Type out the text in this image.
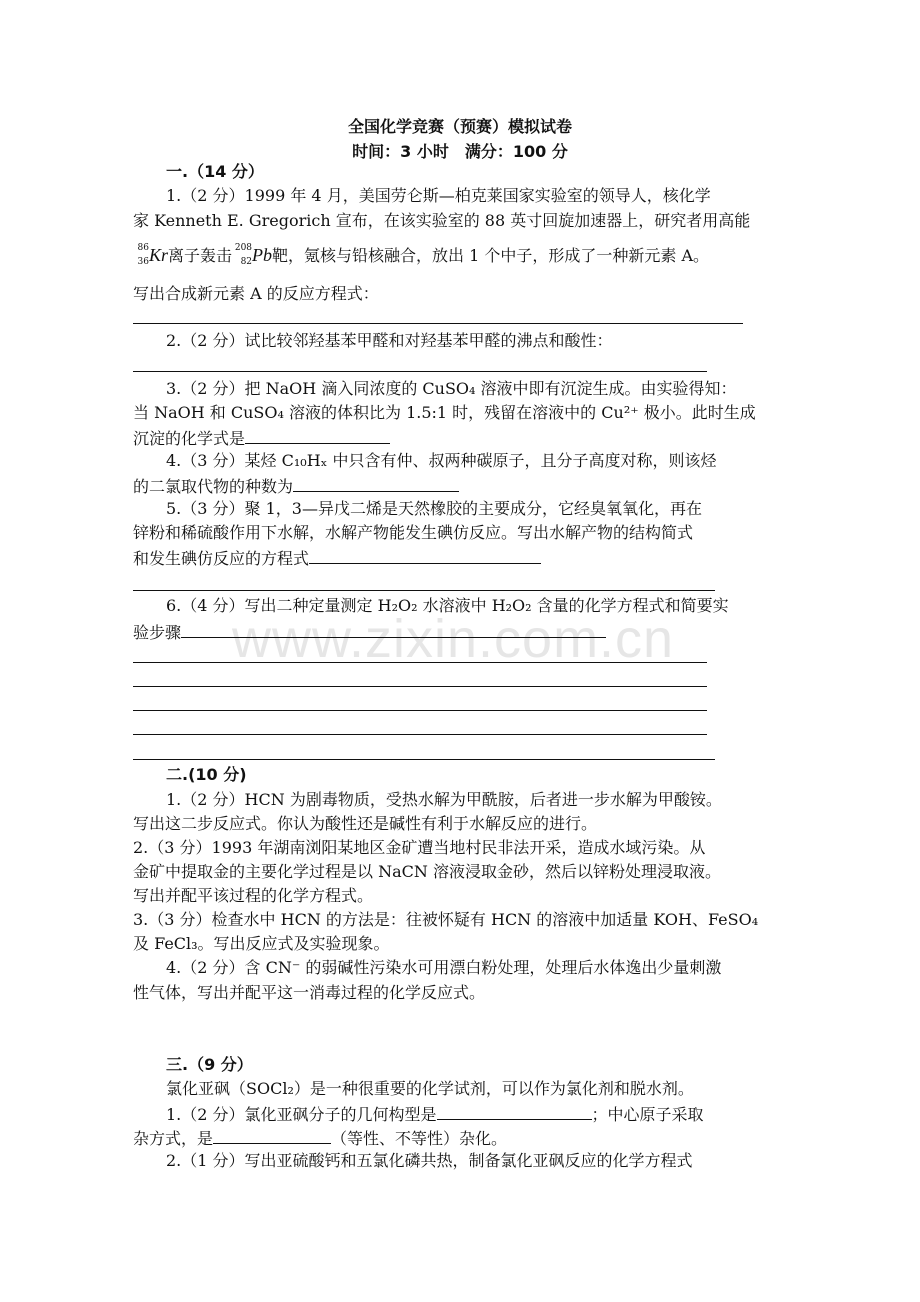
www.zixin.com.cn
全国化学竞赛（预赛）模拟试卷
时间：3 小时　满分：100 分
一.（14 分）
1.（2 分）1999 年 4 月，美国劳仑斯—柏克莱国家实验室的领导人，核化学
家 Kenneth E. Gregorich 宣布，在该实验室的 88 英寸回旋加速器上，研究者用高能
86
36 Kr离子轰击 208
82 Pb靶，氪核与铅核融合，放出 1 个中子，形成了一种新元素 A。
写出合成新元素 A 的反应方程式：
2.（2 分）试比较邻羟基苯甲醛和对羟基苯甲醛的沸点和酸性：
3.（2 分）把 NaOH 滴入同浓度的 CuSO₄ 溶液中即有沉淀生成。由实验得知：
当 NaOH 和 CuSO₄ 溶液的体积比为 1.5:1 时，残留在溶液中的 Cu²⁺ 极小。此时生成
沉淀的化学式是
4.（3 分）某烃 C₁₀Hₓ 中只含有仲、叔两种碳原子，且分子高度对称，则该烃
的二氯取代物的种数为
5.（3 分）聚 1，3—异戊二烯是天然橡胶的主要成分，它经臭氧氧化，再在
锌粉和稀硫酸作用下水解，水解产物能发生碘仿反应。写出水解产物的结构简式
和发生碘仿反应的方程式
6.（4 分）写出二种定量测定 H₂O₂ 水溶液中 H₂O₂ 含量的化学方程式和简要实
验步骤
二.(10 分)
1.（2 分）HCN 为剧毒物质，受热水解为甲酰胺，后者进一步水解为甲酸铵。
写出这二步反应式。你认为酸性还是碱性有利于水解反应的进行。
2.（3 分）1993 年湖南浏阳某地区金矿遭当地村民非法开采，造成水域污染。从
金矿中提取金的主要化学过程是以 NaCN 溶液浸取金砂，然后以锌粉处理浸取液。
写出并配平该过程的化学方程式。
3.（3 分）检查水中 HCN 的方法是：往被怀疑有 HCN 的溶液中加适量 KOH、FeSO₄
及 FeCl₃。写出反应式及实验现象。
4.（2 分）含 CN⁻ 的弱碱性污染水可用漂白粉处理，处理后水体逸出少量刺激
性气体，写出并配平这一消毒过程的化学反应式。
三.（9 分）
氯化亚砜（SOCl₂）是一种很重要的化学试剂，可以作为氯化剂和脱水剂。
1.（2 分）氯化亚砜分子的几何构型是	；中心原子采取
杂方式，是	（等性、不等性）杂化。
2.（1 分）写出亚硫酸钙和五氯化磷共热，制备氯化亚砜反应的化学方程式
